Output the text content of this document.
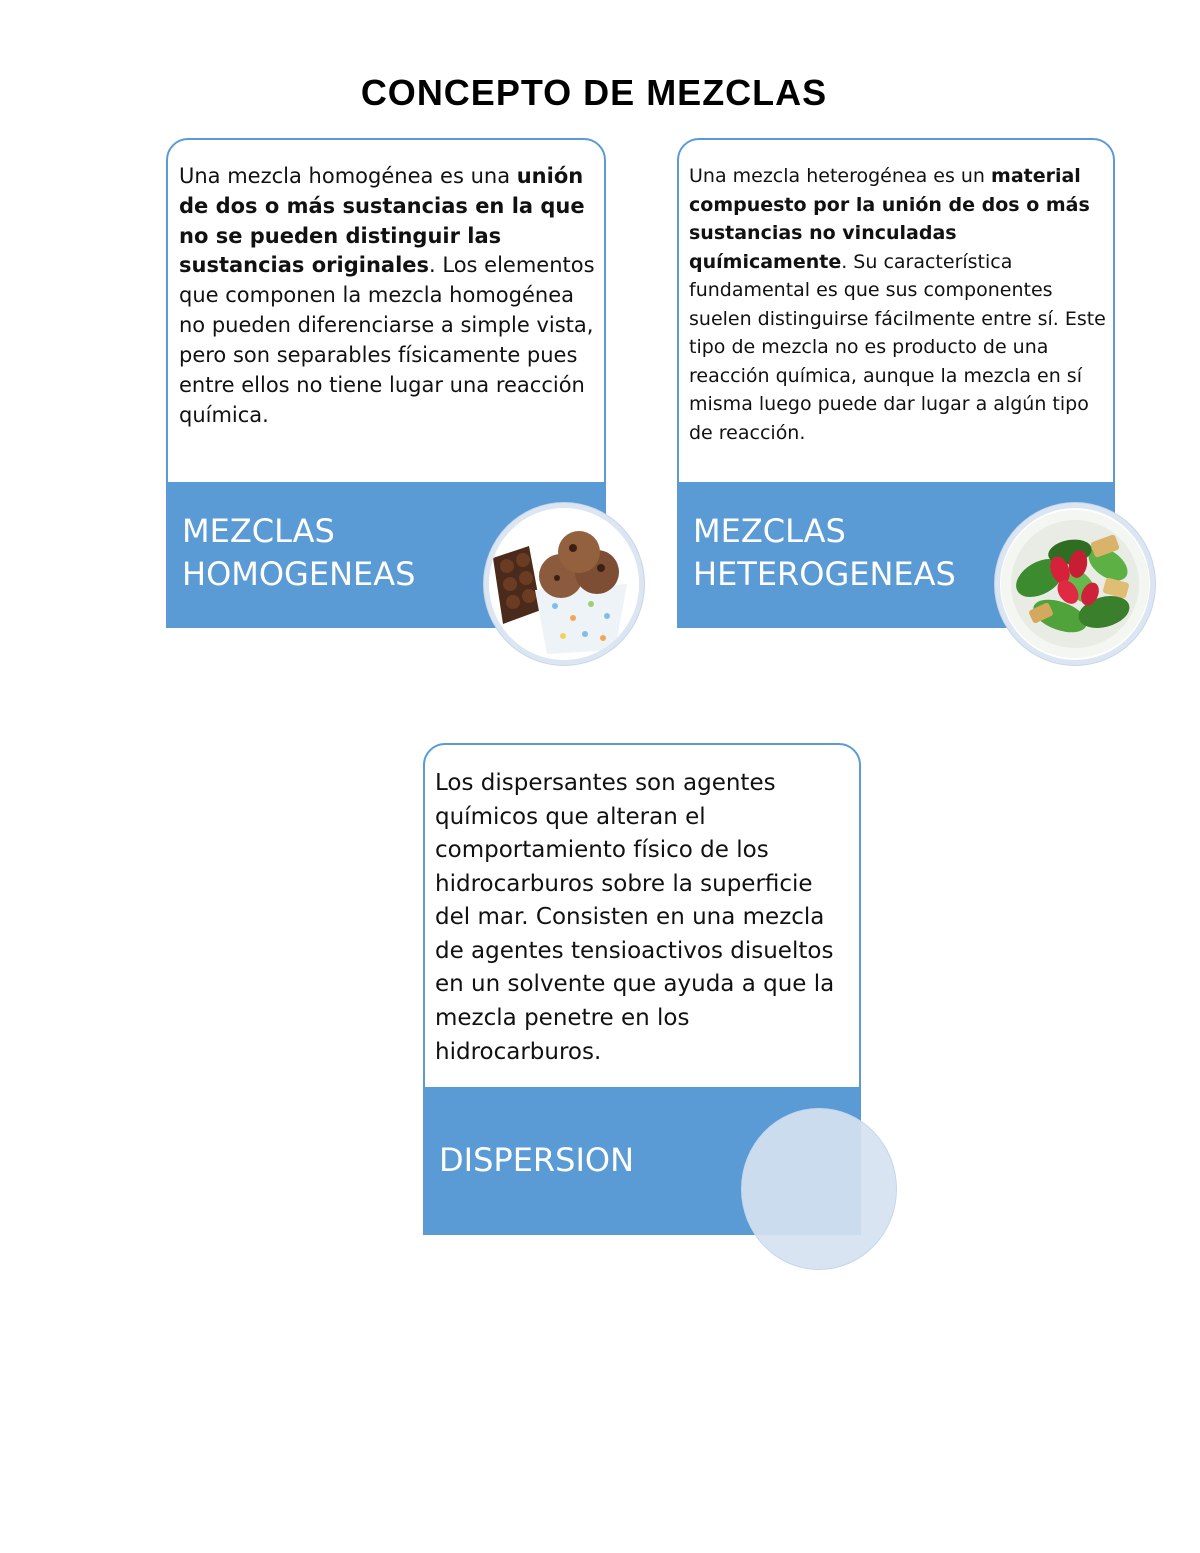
CONCEPTO DE MEZCLAS
Una mezcla homogénea es una unión de dos o más sustancias en la que no se pueden distinguir las sustancias originales. Los elementos que componen la mezcla homogénea no pueden diferenciarse a simple vista, pero son separables físicamente pues entre ellos no tiene lugar una reacción química.
MEZCLAS
HOMOGENEAS
Una mezcla heterogénea es un material compuesto por la unión de dos o más sustancias no vinculadas químicamente. Su característica fundamental es que sus componentes suelen distinguirse fácilmente entre sí. Este tipo de mezcla no es producto de una reacción química, aunque la mezcla en sí misma luego puede dar lugar a algún tipo de reacción.
MEZCLAS
HETEROGENEAS
Los dispersantes son agentes químicos que alteran el comportamiento físico de los hidrocarburos sobre la superficie del mar. Consisten en una mezcla de agentes tensioactivos disueltos en un solvente que ayuda a que la mezcla penetre en los hidrocarburos.
DISPERSION
